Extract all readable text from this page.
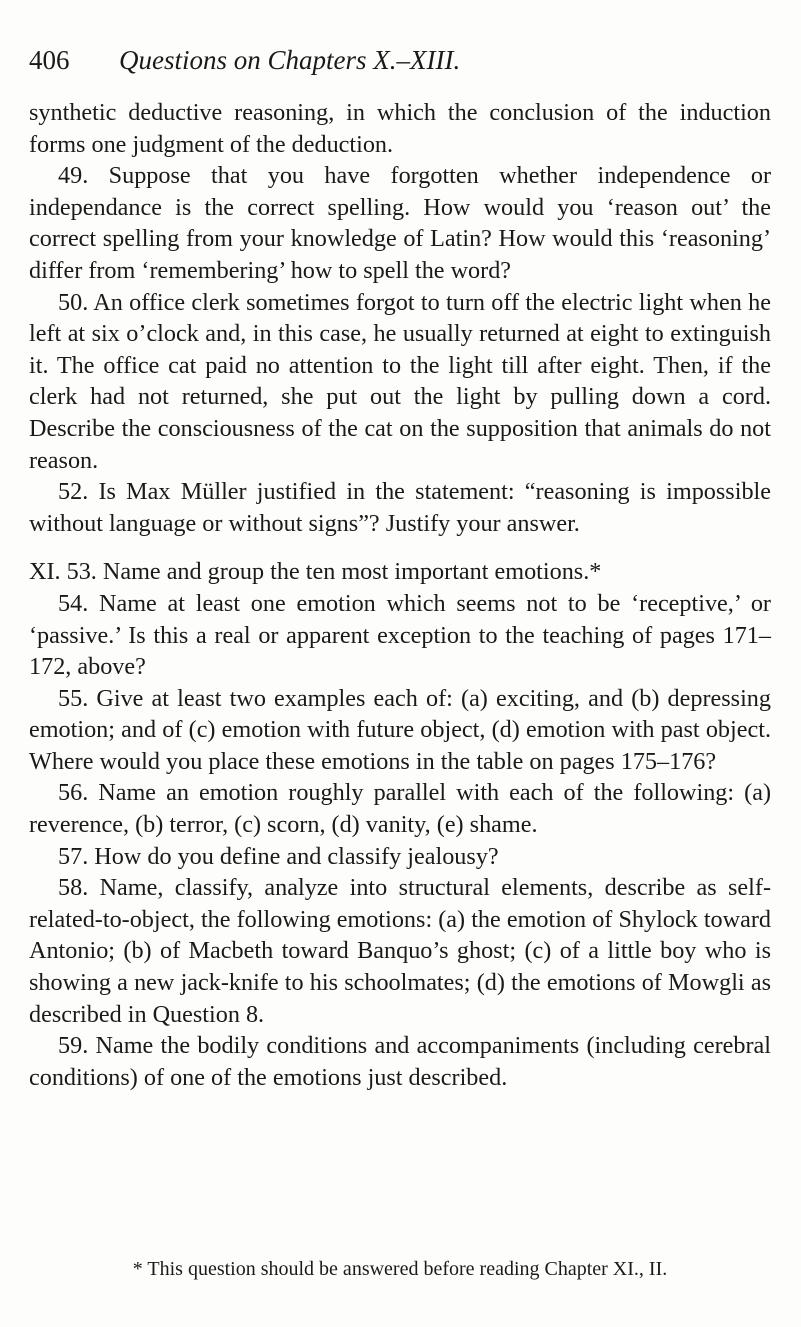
406 Questions on Chapters X.–XIII.

synthetic deductive reasoning, in which the conclusion of the induction forms one judgment of the deduction.

49. Suppose that you have forgotten whether independence or independance is the correct spelling. How would you ‘reason out’ the correct spelling from your knowledge of Latin? How would this ‘reasoning’ differ from ‘remembering’ how to spell the word?

50. An office clerk sometimes forgot to turn off the electric light when he left at six o’clock and, in this case, he usually returned at eight to extinguish it. The office cat paid no attention to the light till after eight. Then, if the clerk had not returned, she put out the light by pulling down a cord. Describe the consciousness of the cat on the supposition that animals do not reason.

52. Is Max Müller justified in the statement: “reasoning is impossible without language or without signs”? Justify your answer.

XI. 53. Name and group the ten most important emotions.*

54. Name at least one emotion which seems not to be ‘receptive,’ or ‘passive.’ Is this a real or apparent exception to the teaching of pages 171–172, above?

55. Give at least two examples each of: (a) exciting, and (b) depressing emotion; and of (c) emotion with future object, (d) emotion with past object. Where would you place these emotions in the table on pages 175–176?

56. Name an emotion roughly parallel with each of the following: (a) reverence, (b) terror, (c) scorn, (d) vanity, (e) shame.

57. How do you define and classify jealousy?

58. Name, classify, analyze into structural elements, describe as self-related-to-object, the following emotions: (a) the emotion of Shylock toward Antonio; (b) of Macbeth toward Banquo’s ghost; (c) of a little boy who is showing a new jack-knife to his schoolmates; (d) the emotions of Mowgli as described in Question 8.

59. Name the bodily conditions and accompaniments (including cerebral conditions) of one of the emotions just described.

* This question should be answered before reading Chapter XI., II.
